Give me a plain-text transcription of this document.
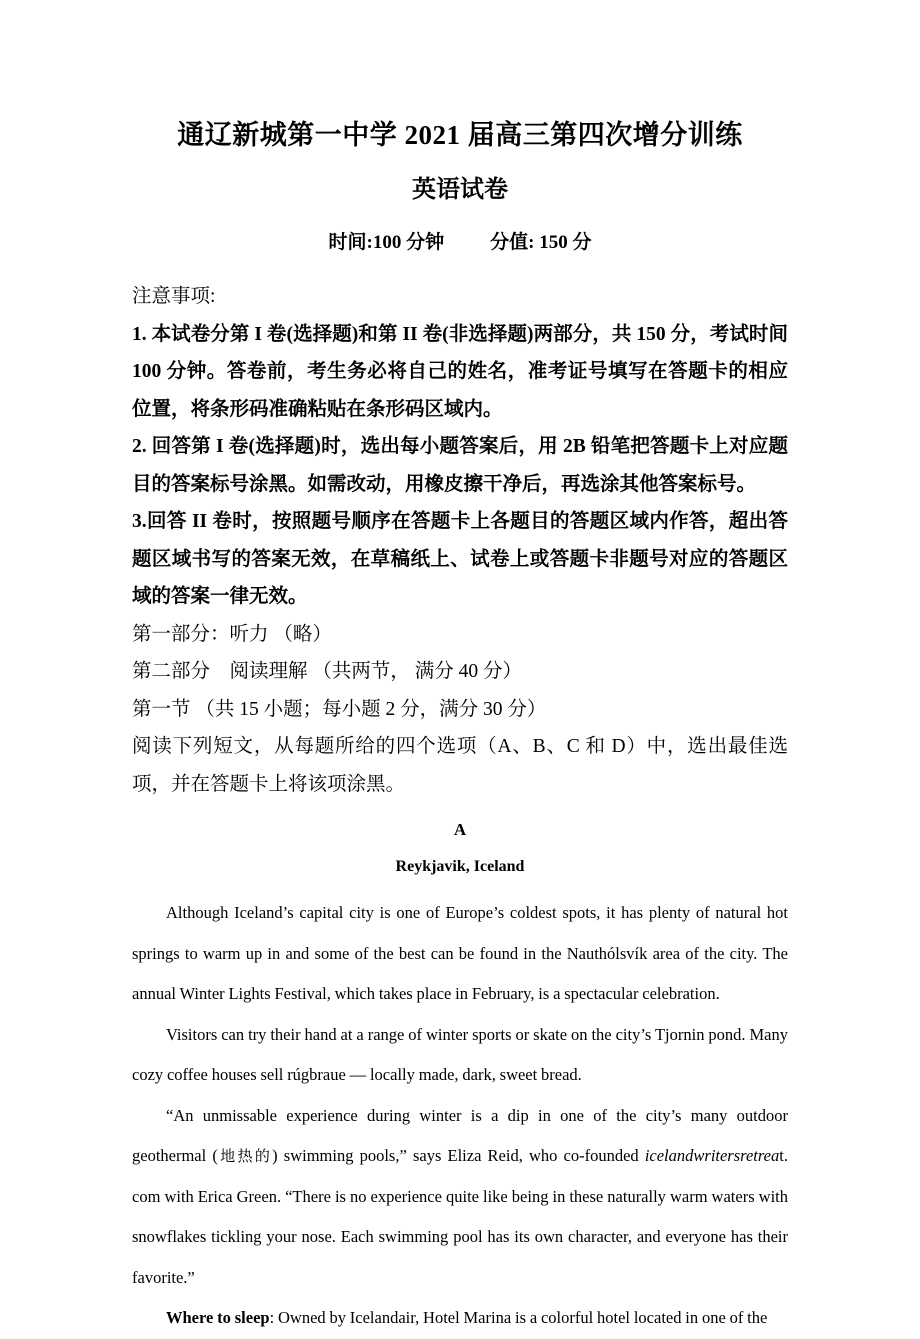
通辽新城第一中学 2021 届高三第四次增分训练
英语试卷

时间:100 分钟 分值: 150 分

注意事项:

1. 本试卷分第 I 卷(选择题)和第 II 卷(非选择题)两部分，共 150 分，考试时间 100 分钟。答卷前，考生务必将自己的姓名，准考证号填写在答题卡的相应位置，将条形码准确粘贴在条形码区域内。

2. 回答第 I 卷(选择题)时，选出每小题答案后，用 2B 铅笔把答题卡上对应题目的答案标号涂黑。如需改动，用橡皮擦干净后，再选涂其他答案标号。

3.回答 II 卷时，按照题号顺序在答题卡上各题目的答题区域内作答，超出答题区域书写的答案无效，在草稿纸上、试卷上或答题卡非题号对应的答题区域的答案一律无效。

第一部分：听力 （略）

第二部分　阅读理解 （共两节， 满分 40 分）

第一节 （共 15 小题；每小题 2 分，满分 30 分）

阅读下列短文，从每题所给的四个选项（A、B、C 和 D）中，选出最佳选项，并在答题卡上将该项涂黑。

A

Reykjavik, Iceland

Although Iceland’s capital city is one of Europe’s coldest spots, it has plenty of natural hot springs to warm up in and some of the best can be found in the Nauthólsvík area of the city. The annual Winter Lights Festival, which takes place in February, is a spectacular celebration.

Visitors can try their hand at a range of winter sports or skate on the city’s Tjornin pond. Many cozy coffee houses sell rúgbraue — locally made, dark, sweet bread.

“An unmissable experience during winter is a dip in one of the city’s many outdoor geothermal (地热的) swimming pools,” says Eliza Reid, who co-founded icelandwritersretreat. com with Erica Green. “There is no experience quite like being in these naturally warm waters with snowflakes tickling your nose. Each swimming pool has its own character, and everyone has their favorite.”

Where to sleep: Owned by Icelandair, Hotel Marina is a colorful hotel located in one of the
